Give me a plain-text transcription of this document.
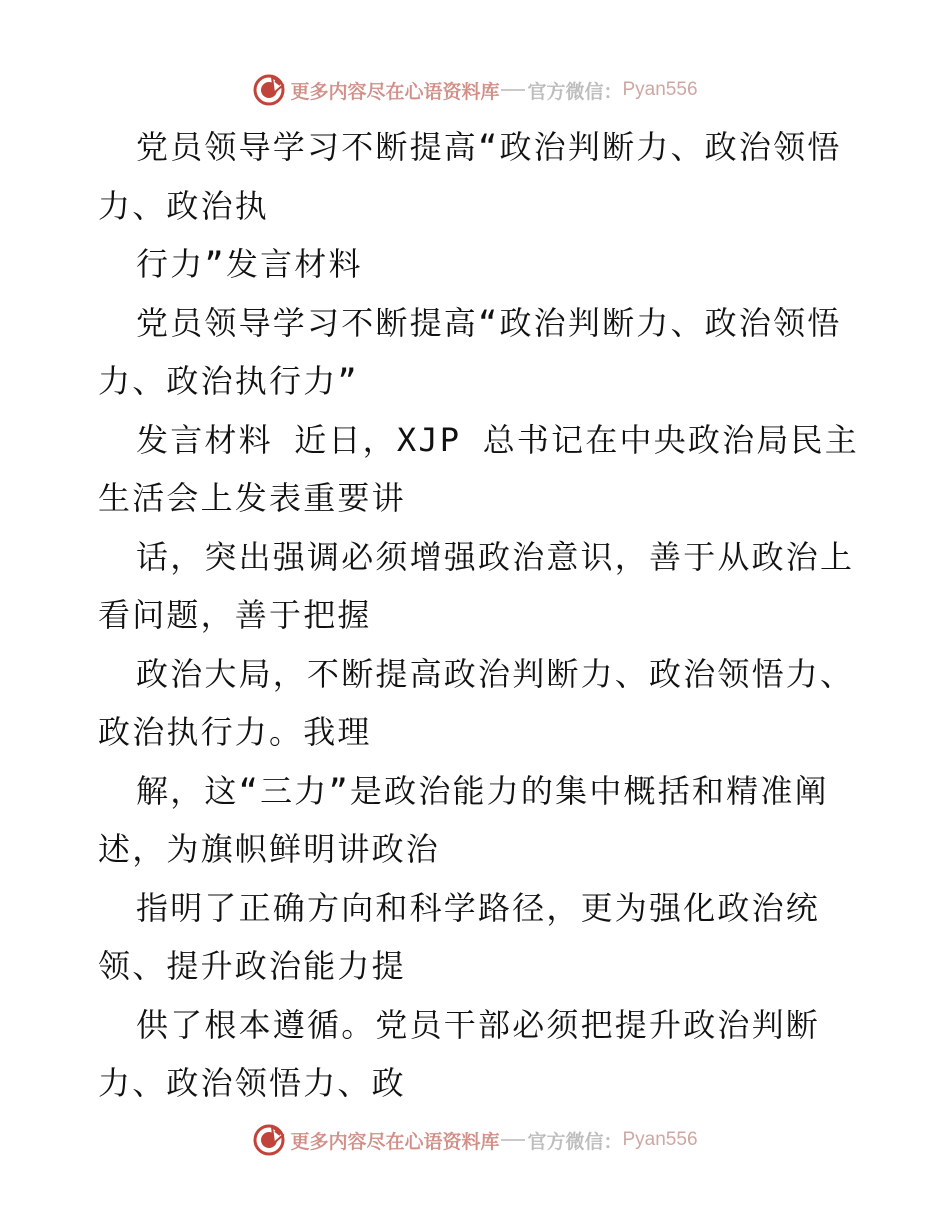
更多内容尽在心语资料库 官方微信： Pyan556
党员领导学习不断提高“政治判断力、政治领悟
力、政治执
行力”发言材料
党员领导学习不断提高“政治判断力、政治领悟
力、政治执行力”
发言材料 近日，XJP 总书记在中央政治局民主
生活会上发表重要讲
话，突出强调必须增强政治意识，善于从政治上
看问题，善于把握
政治大局，不断提高政治判断力、政治领悟力、
政治执行力。我理
解，这“三力”是政治能力的集中概括和精准阐
述，为旗帜鲜明讲政治
指明了正确方向和科学路径，更为强化政治统
领、提升政治能力提
供了根本遵循。党员干部必须把提升政治判断
力、政治领悟力、政
更多内容尽在心语资料库 官方微信： Pyan556
